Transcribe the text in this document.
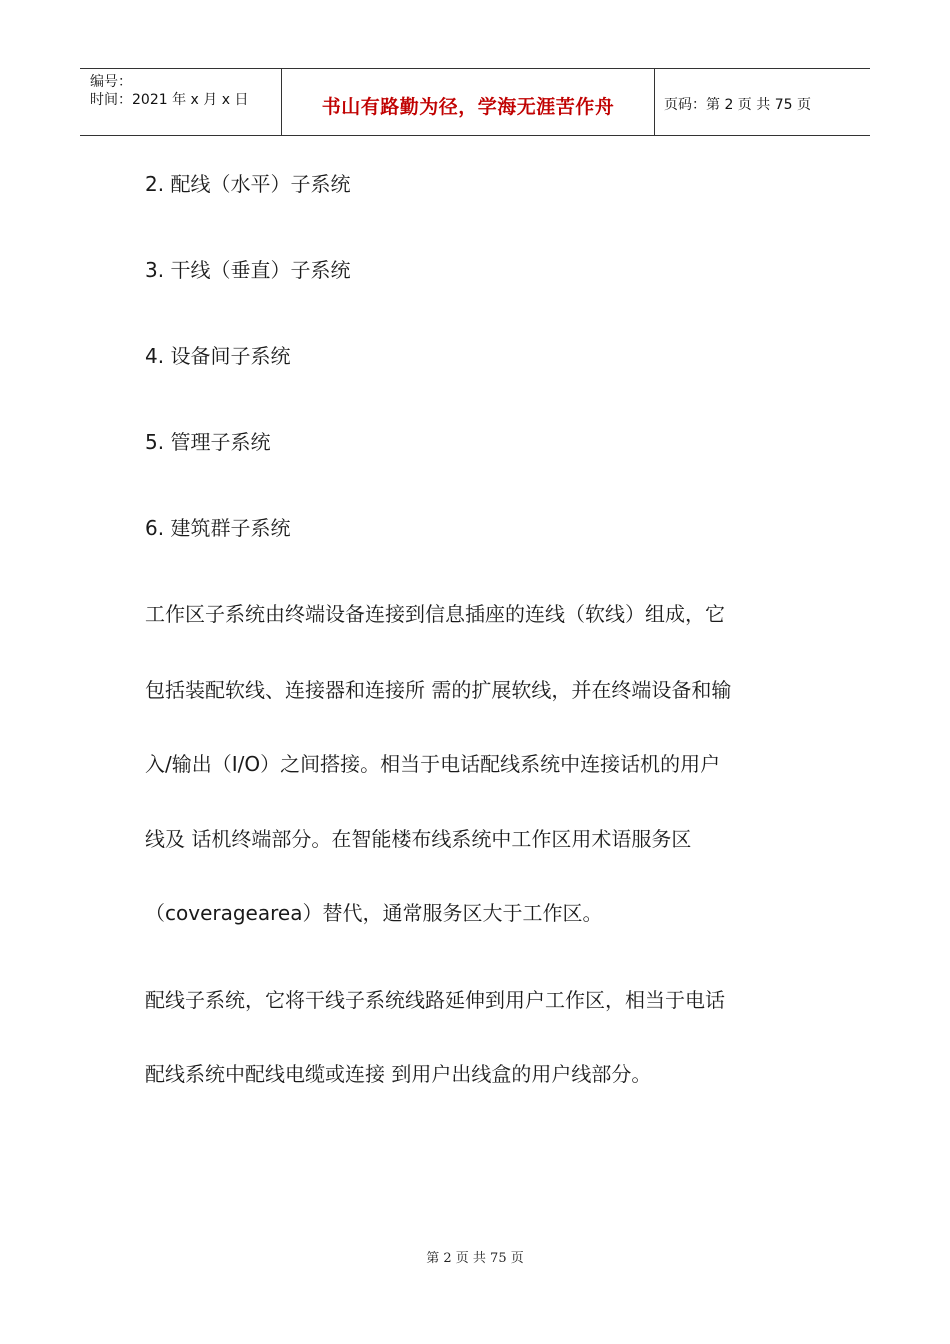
编号：
时间：2021 年 x 月 x 日	书山有路勤为径，学海无涯苦作舟	页码：第 2 页 共 75 页
2. 配线（水平）子系统
3. 干线（垂直）子系统
4. 设备间子系统
5. 管理子系统
6. 建筑群子系统
工作区子系统由终端设备连接到信息插座的连线（软线）组成，它
包括装配软线、连接器和连接所 需的扩展软线，并在终端设备和输
入/输出（I/O）之间搭接。相当于电话配线系统中连接话机的用户
线及 话机终端部分。在智能楼布线系统中工作区用术语服务区
（coveragearea）替代，通常服务区大于工作区。
配线子系统，它将干线子系统线路延伸到用户工作区，相当于电话
配线系统中配线电缆或连接 到用户出线盒的用户线部分。
第 2 页 共 75 页
